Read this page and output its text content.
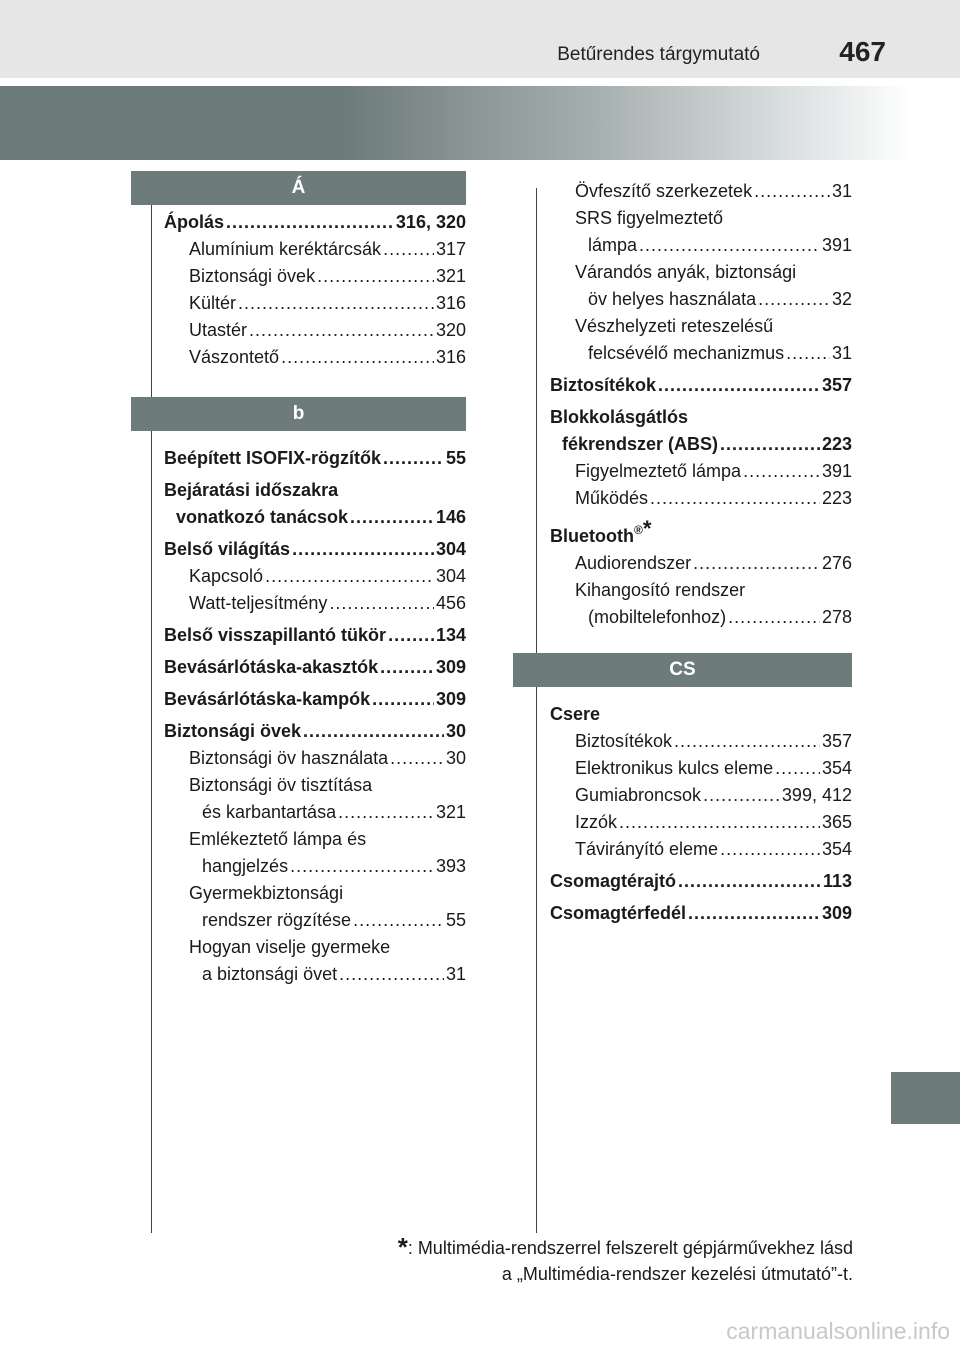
Betűrendes tárgymutató	467
Á
Ápolás .....	316, 320
Alumínium keréktárcsák .....	317
Biztonsági övek .....	321
Kültér .....	316
Utastér .....	320
Vászontető .....	316
b
Beépített ISOFIX-rögzítők .....	55
Bejáratási időszakra
vonatkozó tanácsok .....	146
Belső világítás .....	304
Kapcsoló .....	304
Watt-teljesítmény .....	456
Belső visszapillantó tükör .....	134
Bevásárlótáska-akasztók .....	309
Bevásárlótáska-kampók .....	309
Biztonsági övek .....	30
Biztonsági öv használata .....	30
Biztonsági öv tisztítása
és karbantartása .....	321
Emlékeztető lámpa és
hangjelzés .....	393
Gyermekbiztonsági
rendszer rögzítése .....	55
Hogyan viselje gyermeke
a biztonsági övet .....	31
Övfeszítő szerkezetek .....	31
SRS figyelmeztető
lámpa .....	391
Várandós anyák, biztonsági
öv helyes használata .....	32
Vészhelyzeti reteszelésű
felcsévélő mechanizmus .....	31
Biztosítékok .....	357
Blokkolásgátlós
fékrendszer (ABS) .....	223
Figyelmeztető lámpa .....	391
Működés .....	223
Bluetooth®*
Audiorendszer .....	276
Kihangosító rendszer
(mobiltelefonhoz) .....	278
CS
Csere
Biztosítékok .....	357
Elektronikus kulcs eleme .....	354
Gumiabroncsok .....	399, 412
Izzók .....	365
Távirányító eleme .....	354
Csomagtérajtó .....	113
Csomagtérfedél .....	309
*: Multimédia-rendszerrel felszerelt gépjárművekhez lásd
a „Multimédia-rendszer kezelési útmutató”-t.
carmanualsonline.info
